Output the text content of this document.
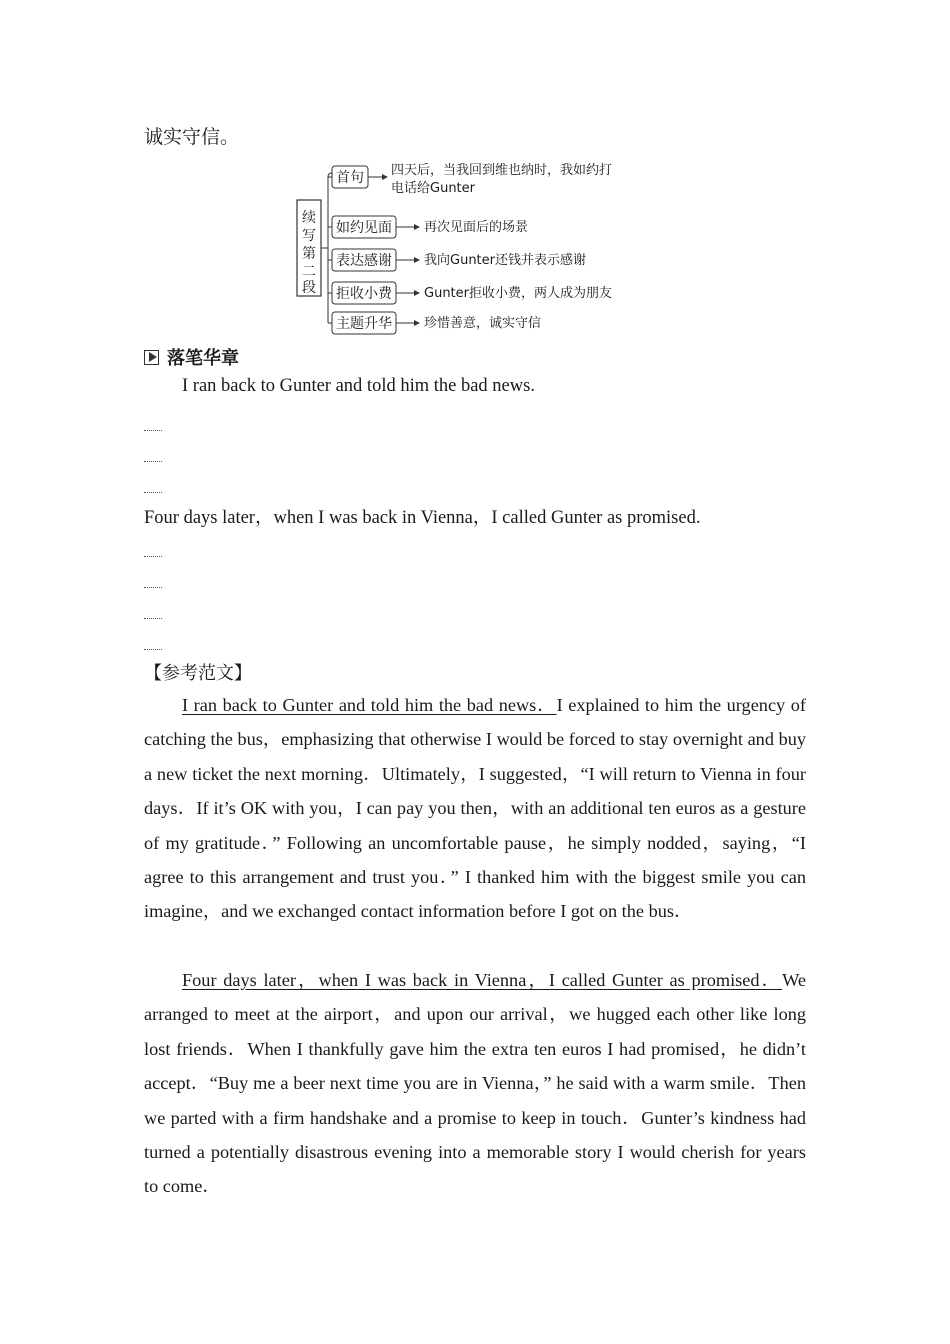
诚实守信。
续
写
第
二
段
首句 四天后，当我回到维也纳时，我如约打
电话给Gunter
如约见面 再次见面后的场景
表达感谢 我向Gunter还钱并表示感谢
拒收小费 Gunter拒收小费，两人成为朋友
主题升华 珍惜善意，诚实守信
落笔华章
I ran back to Gunter and told him the bad news.
Four days later，when I was back in Vienna，I called Gunter as promised.
【参考范文】

I ran back to Gunter and told him the bad news．I explained to him the urgency of catching the bus，emphasizing that otherwise I would be forced to stay overnight and buy a new ticket the next morning．Ultimately，I suggested，“I will return to Vienna in four days．If it’s OK with you，I can pay you then，with an additional ten euros as a gesture of my gratitude．” Following an uncomfortable pause，he simply nodded，saying，“I agree to this arrangement and trust you．” I thanked him with the biggest smile you can imagine，and we exchanged contact information before I got on the bus．

Four days later，when I was back in Vienna，I called Gunter as promised．We arranged to meet at the airport，and upon our arrival，we hugged each other like long lost friends．When I thankfully gave him the extra ten euros I had promised，he didn’t accept．“Buy me a beer next time you are in Vienna，” he said with a warm smile．Then we parted with a firm handshake and a promise to keep in touch．Gunter’s kindness had turned a potentially disastrous evening into a memorable story I would cherish for years to come．
